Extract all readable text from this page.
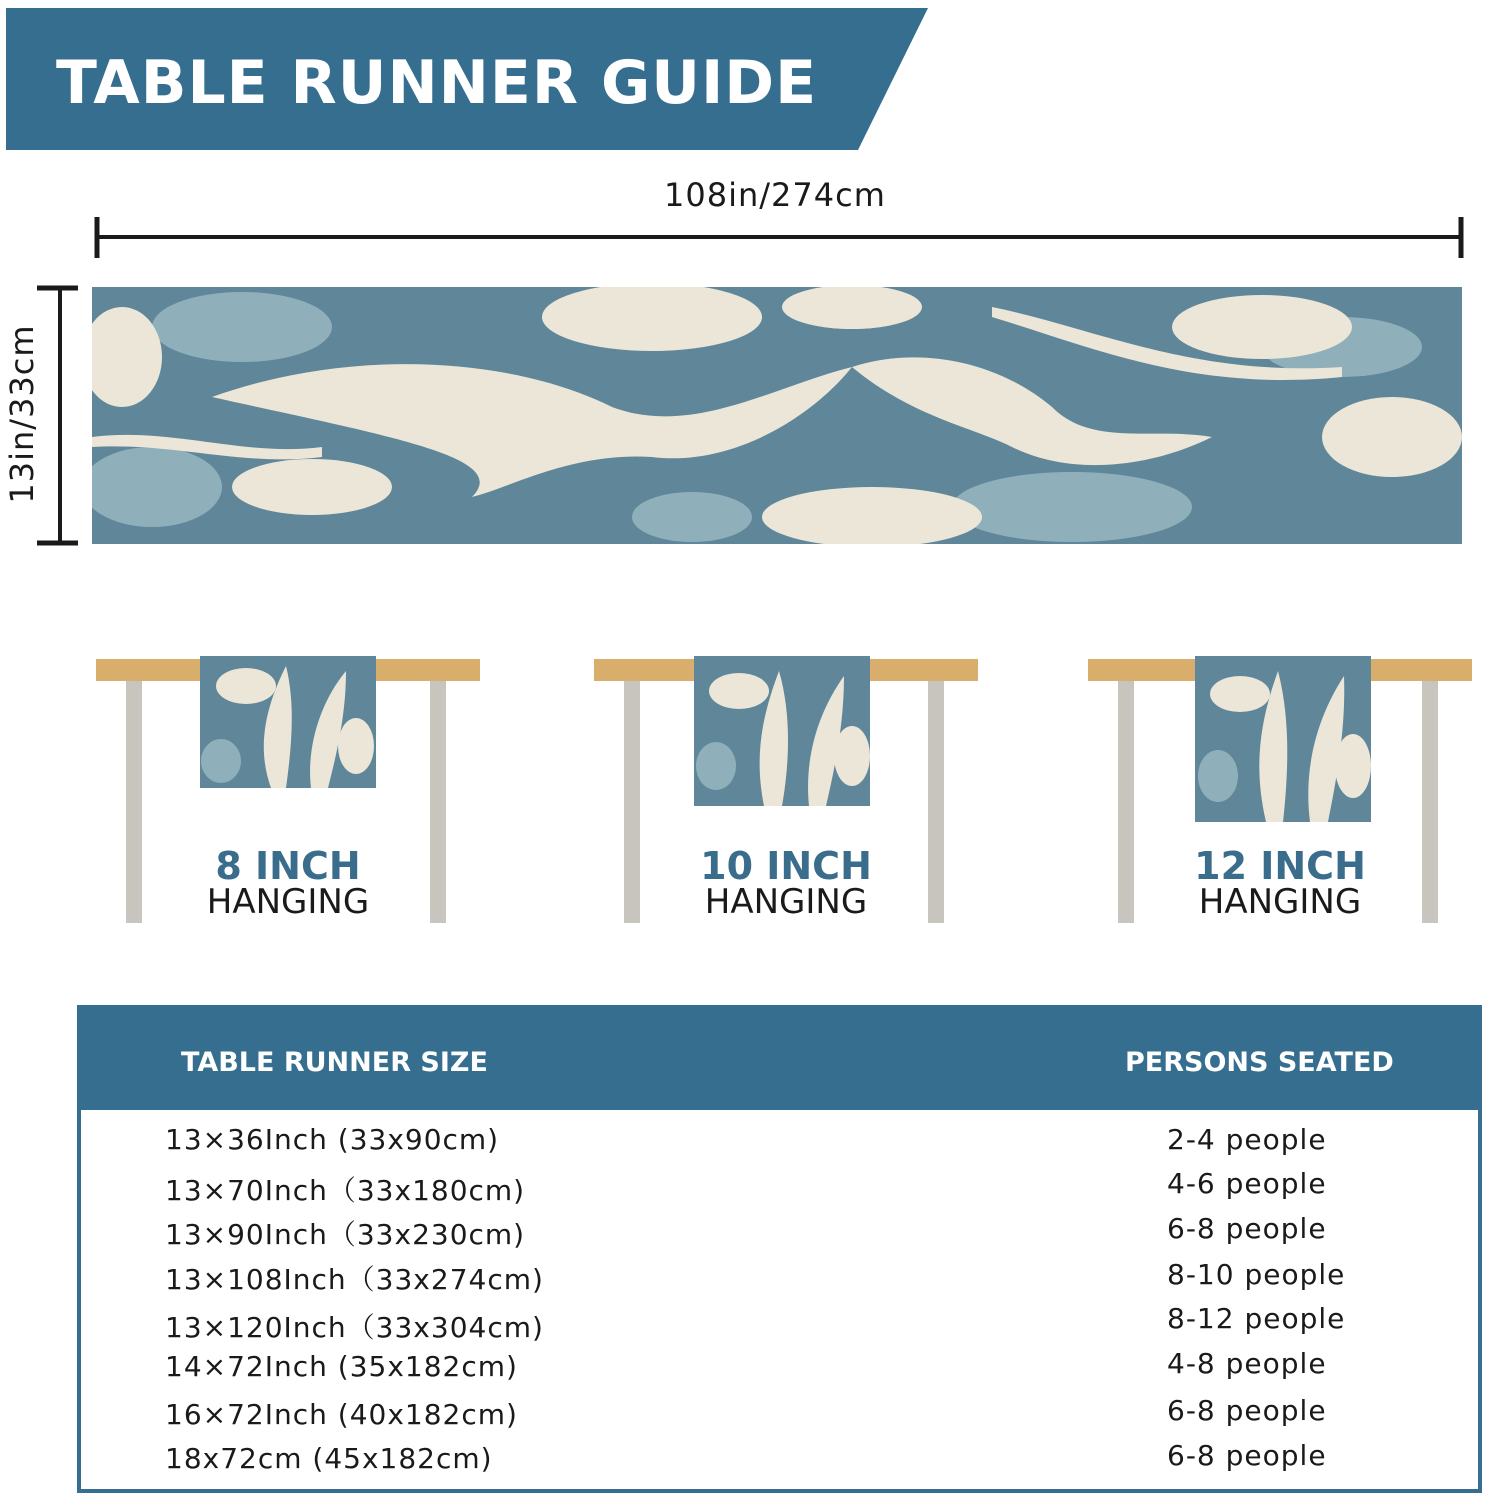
TABLE RUNNER GUIDE
108in/274cm
13in/33cm
8 INCH
HANGING
10 INCH
HANGING
12 INCH
HANGING
TABLE RUNNER SIZE	PERSONS SEATED
13×36Inch (33x90cm)	2-4 people
13×70Inch（33x180cm)	4-6 people
13×90Inch（33x230cm)	6-8 people
13×108Inch（33x274cm)	8-10 people
13×120Inch（33x304cm)	8-12 people
14×72Inch (35x182cm)	4-8 people
16×72Inch (40x182cm)	6-8 people
18x72cm (45x182cm)	6-8 people
